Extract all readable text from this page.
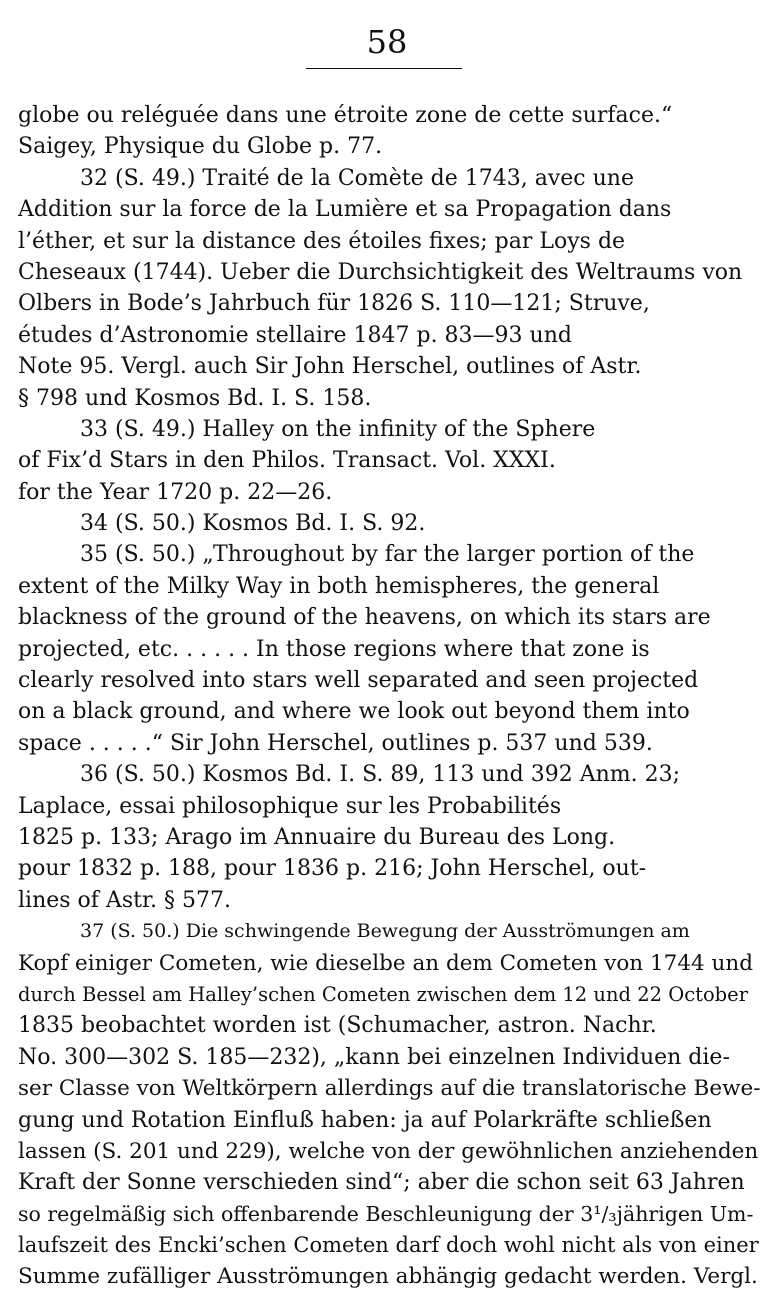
58
globe ou reléguée dans une étroite zone de cette surface.“
Saigey, Physique du Globe p. 77.
32 (S. 49.) Traité de la Comète de 1743, avec une
Addition sur la force de la Lumière et sa Propagation dans
l’éther, et sur la distance des étoiles fixes; par Loys de
Cheseaux (1744). Ueber die Durchsichtigkeit des Weltraums von
Olbers in Bode’s Jahrbuch für 1826 S. 110—121; Struve,
études d’Astronomie stellaire 1847 p. 83—93 und
Note 95. Vergl. auch Sir John Herschel, outlines of Astr.
§ 798 und Kosmos Bd. I. S. 158.
33 (S. 49.) Halley on the infinity of the Sphere
of Fix’d Stars in den Philos. Transact. Vol. XXXI.
for the Year 1720 p. 22—26.
34 (S. 50.) Kosmos Bd. I. S. 92.
35 (S. 50.) „Throughout by far the larger portion of the
extent of the Milky Way in both hemispheres, the general
blackness of the ground of the heavens, on which its stars are
projected, etc. . . . . . In those regions where that zone is
clearly resolved into stars well separated and seen projected
on a black ground, and where we look out beyond them into
space . . . . .“ Sir John Herschel, outlines p. 537 und 539.
36 (S. 50.) Kosmos Bd. I. S. 89, 113 und 392 Anm. 23;
Laplace, essai philosophique sur les Probabilités
1825 p. 133; Arago im Annuaire du Bureau des Long.
pour 1832 p. 188, pour 1836 p. 216; John Herschel, out-
lines of Astr. § 577.
37 (S. 50.) Die schwingende Bewegung der Ausströmungen am
Kopf einiger Cometen, wie dieselbe an dem Cometen von 1744 und
durch Bessel am Halley’schen Cometen zwischen dem 12 und 22 October
1835 beobachtet worden ist (Schumacher, astron. Nachr.
No. 300—302 S. 185—232), „kann bei einzelnen Individuen die-
ser Classe von Weltkörpern allerdings auf die translatorische Bewe-
gung und Rotation Einfluß haben: ja auf Polarkräfte schließen
lassen (S. 201 und 229), welche von der gewöhnlichen anziehenden
Kraft der Sonne verschieden sind“; aber die schon seit 63 Jahren
so regelmäßig sich offenbarende Beschleunigung der 3¹/₃jährigen Um-
laufszeit des Encki’schen Cometen darf doch wohl nicht als von einer
Summe zufälliger Ausströmungen abhängig gedacht werden. Vergl.
